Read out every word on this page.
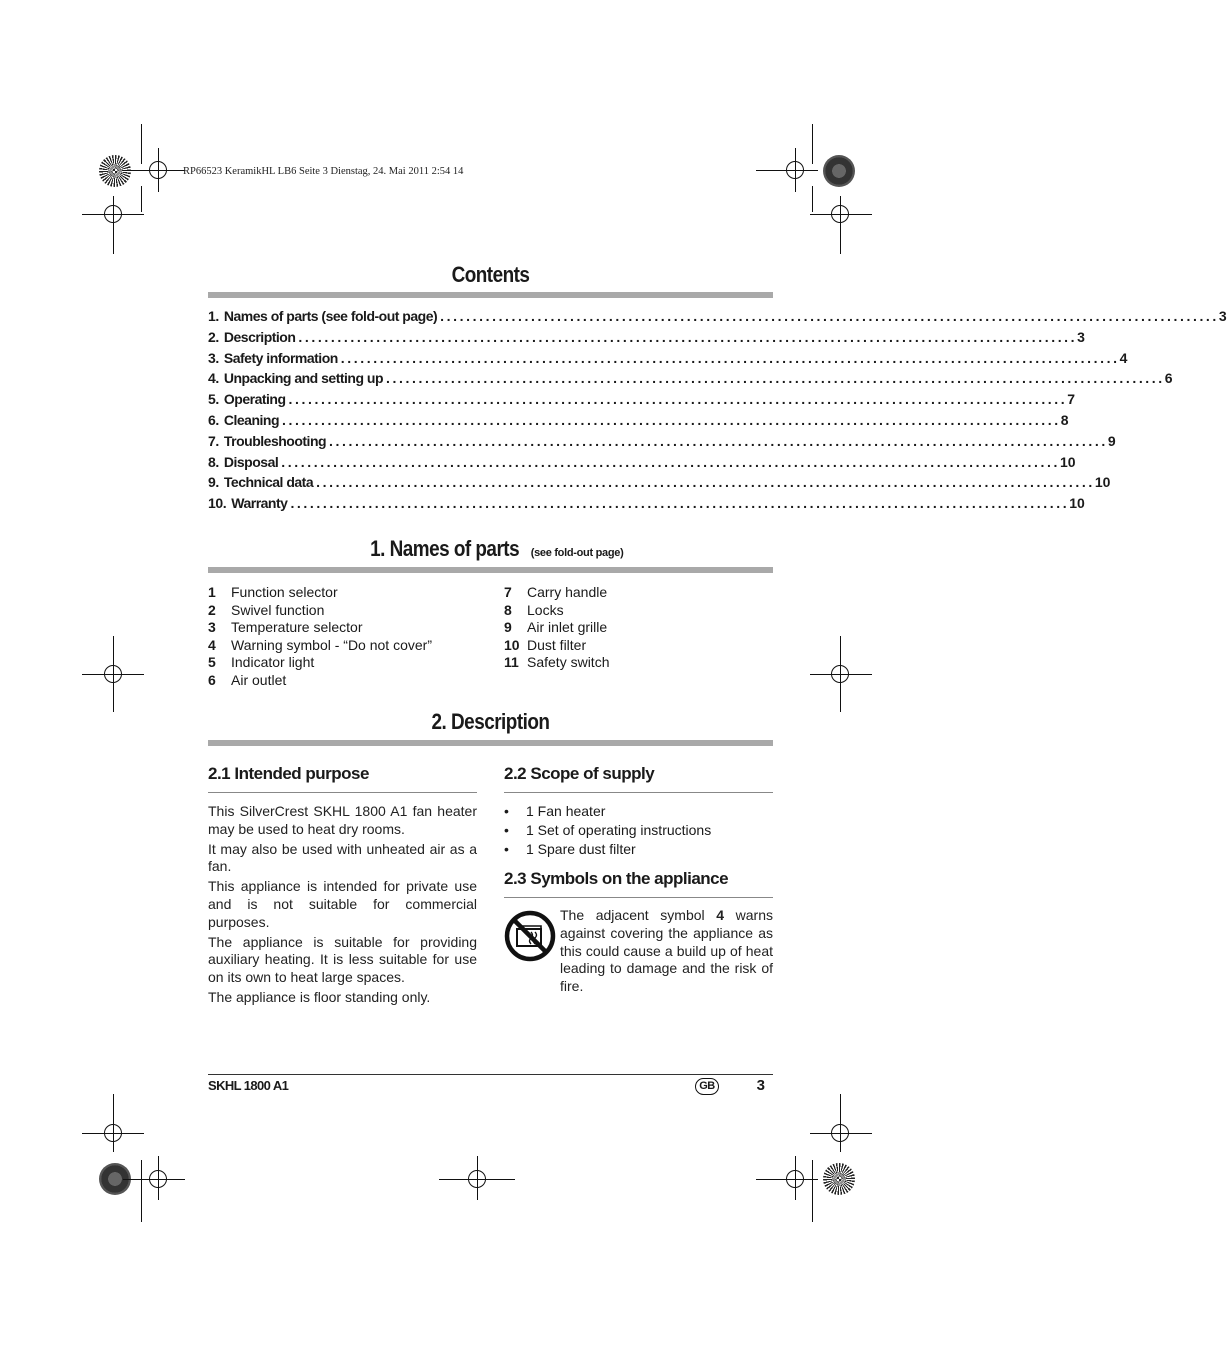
RP66523 KeramikHL LB6 Seite 3 Dienstag, 24. Mai 2011 2:54 14
Contents
1. Names of parts (see fold-out page) ........................................................................................................................ 3
2. Description ........................................................................................................................ 3
3. Safety information ........................................................................................................................ 4
4. Unpacking and setting up ........................................................................................................................ 6
5. Operating ........................................................................................................................ 7
6. Cleaning ........................................................................................................................ 8
7. Troubleshooting ........................................................................................................................ 9
8. Disposal ........................................................................................................................ 10
9. Technical data ........................................................................................................................ 10
10. Warranty ........................................................................................................................ 10
1. Names of parts (see fold-out page)
1	Function selector
2	Swivel function
3	Temperature selector
4	Warning symbol - “Do not cover”
5	Indicator light
6	Air outlet
7	Carry handle
8	Locks
9	Air inlet grille
10 Dust filter
11 Safety switch
2. Description
2.1 Intended purpose
This SilverCrest SKHL 1800 A1 fan heater may be used to heat dry rooms.
It may also be used with unheated air as a fan.
This appliance is intended for private use and is not suitable for commercial purposes.
The appliance is suitable for providing auxiliary heating. It is less suitable for use on its own to heat large spaces.
The appliance is floor standing only.
2.2 Scope of supply
•	1 Fan heater
•	1 Set of operating instructions
•	1 Spare dust filter
2.3 Symbols on the appliance
The adjacent symbol 4 warns against covering the appliance as this could cause a build up of heat leading to damage and the risk of fire.
SKHL 1800 A1	GB	3
